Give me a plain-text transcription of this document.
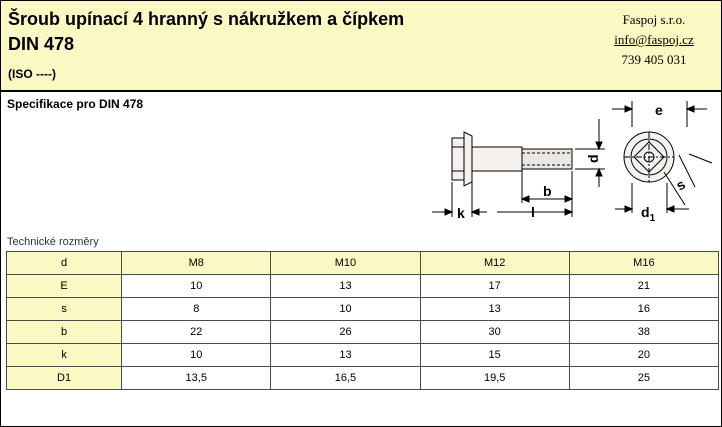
Šroub upínací 4 hranný s nákružkem a čípkem
DIN 478
(ISO ----)
Faspoj s.r.o.
info@faspoj.cz
739 405 031
Specifikace pro DIN 478
d
b
k	l
e
s
$d_1$
Technické rozměry
d	M8	M10	M12	M16
E	10	13	17	21
s	8	10	13	16
b	22	26	30	38
k	10	13	15	20
D1	13,5	16,5	19,5	25
